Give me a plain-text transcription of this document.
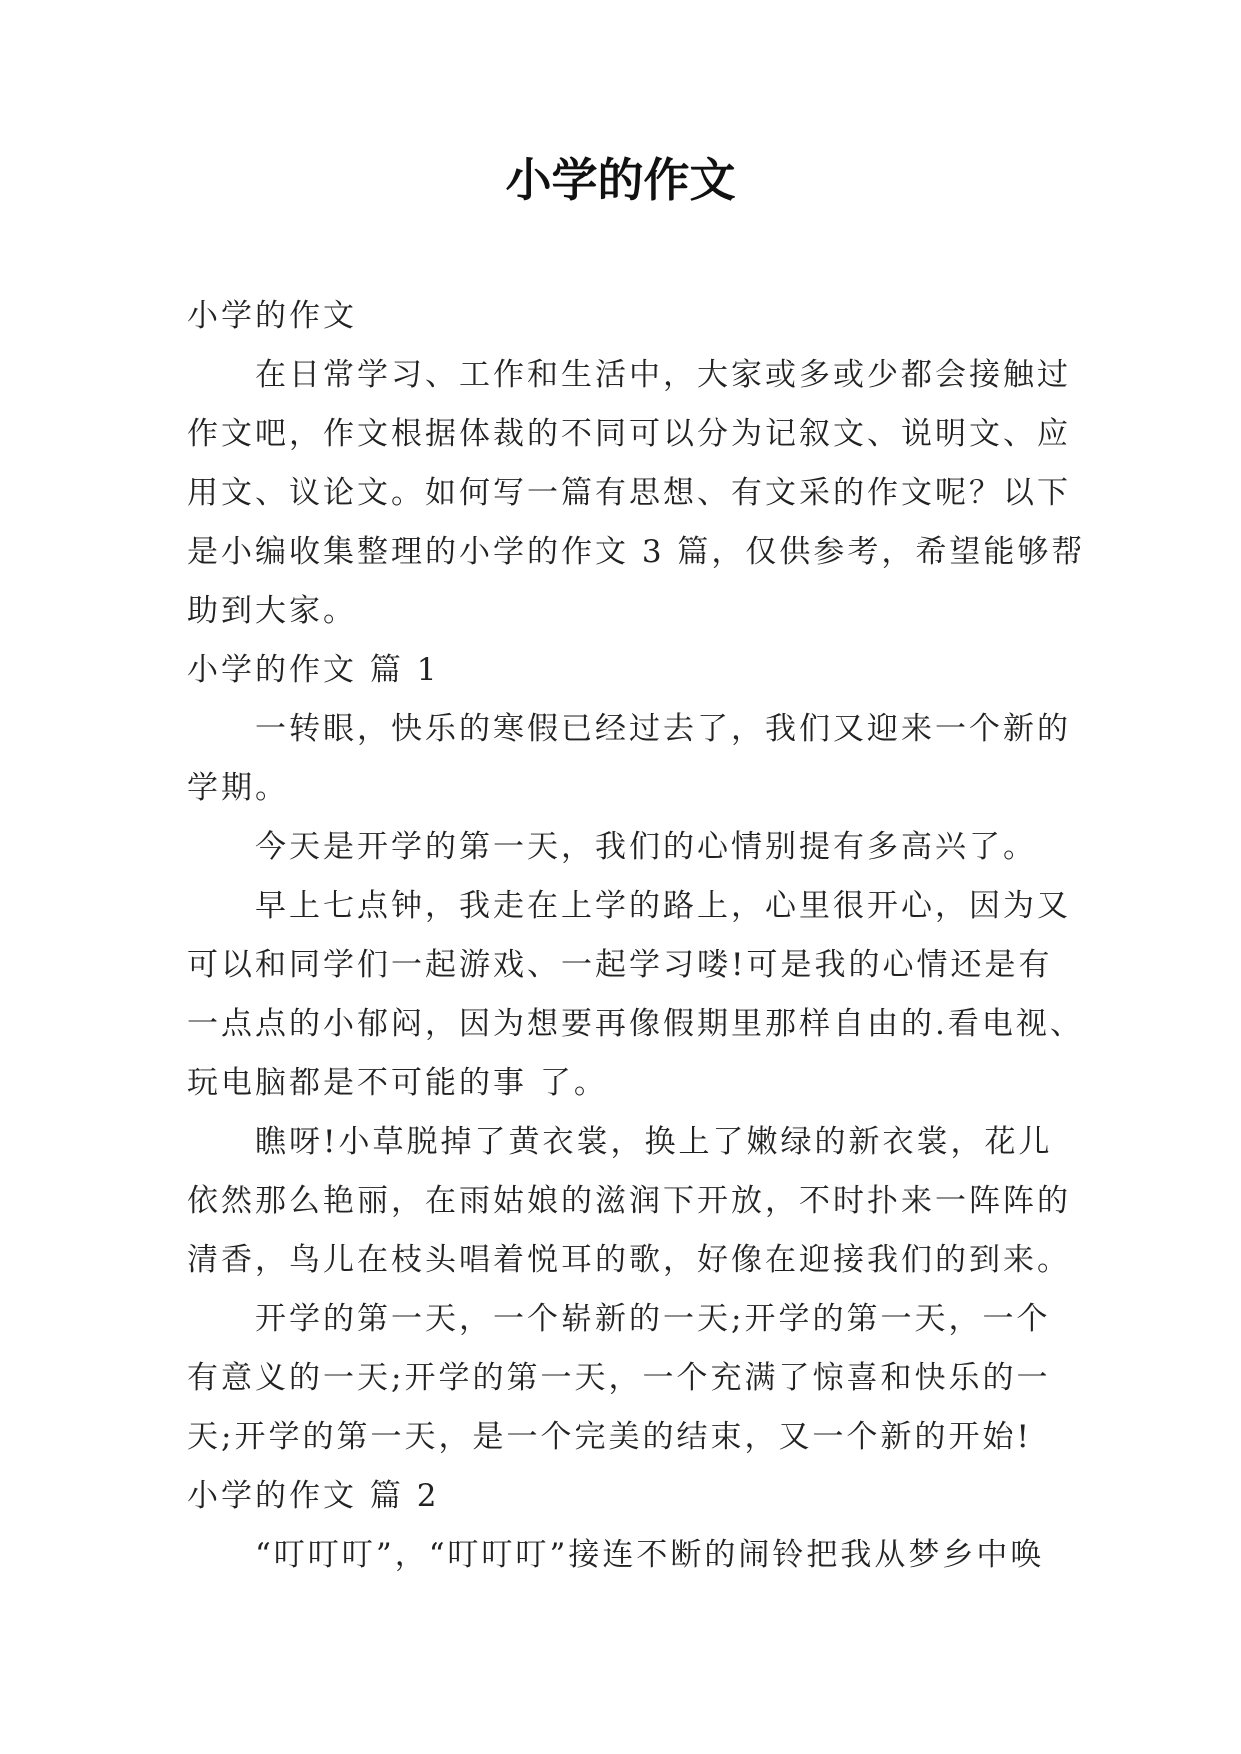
小学的作文

小学的作文

在日常学习、工作和生活中，大家或多或少都会接触过

作文吧，作文根据体裁的不同可以分为记叙文、说明文、应

用文、议论文。如何写一篇有思想、有文采的作文呢？以下

是小编收集整理的小学的作文 3 篇，仅供参考，希望能够帮

助到大家。

小学的作文 篇 1

一转眼，快乐的寒假已经过去了，我们又迎来一个新的

学期。

今天是开学的第一天，我们的心情别提有多高兴了。

早上七点钟，我走在上学的路上，心里很开心，因为又

可以和同学们一起游戏、一起学习喽!可是我的心情还是有

一点点的小郁闷，因为想要再像假期里那样自由的.看电视、

玩电脑都是不可能的事 了。

瞧呀!小草脱掉了黄衣裳，换上了嫩绿的新衣裳，花儿

依然那么艳丽，在雨姑娘的滋润下开放，不时扑来一阵阵的

清香，鸟儿在枝头唱着悦耳的歌，好像在迎接我们的到来。

开学的第一天，一个崭新的一天;开学的第一天，一个

有意义的一天;开学的第一天，一个充满了惊喜和快乐的一

天;开学的第一天，是一个完美的结束，又一个新的开始!

小学的作文 篇 2

“叮叮叮”，“叮叮叮”接连不断的闹铃把我从梦乡中唤
